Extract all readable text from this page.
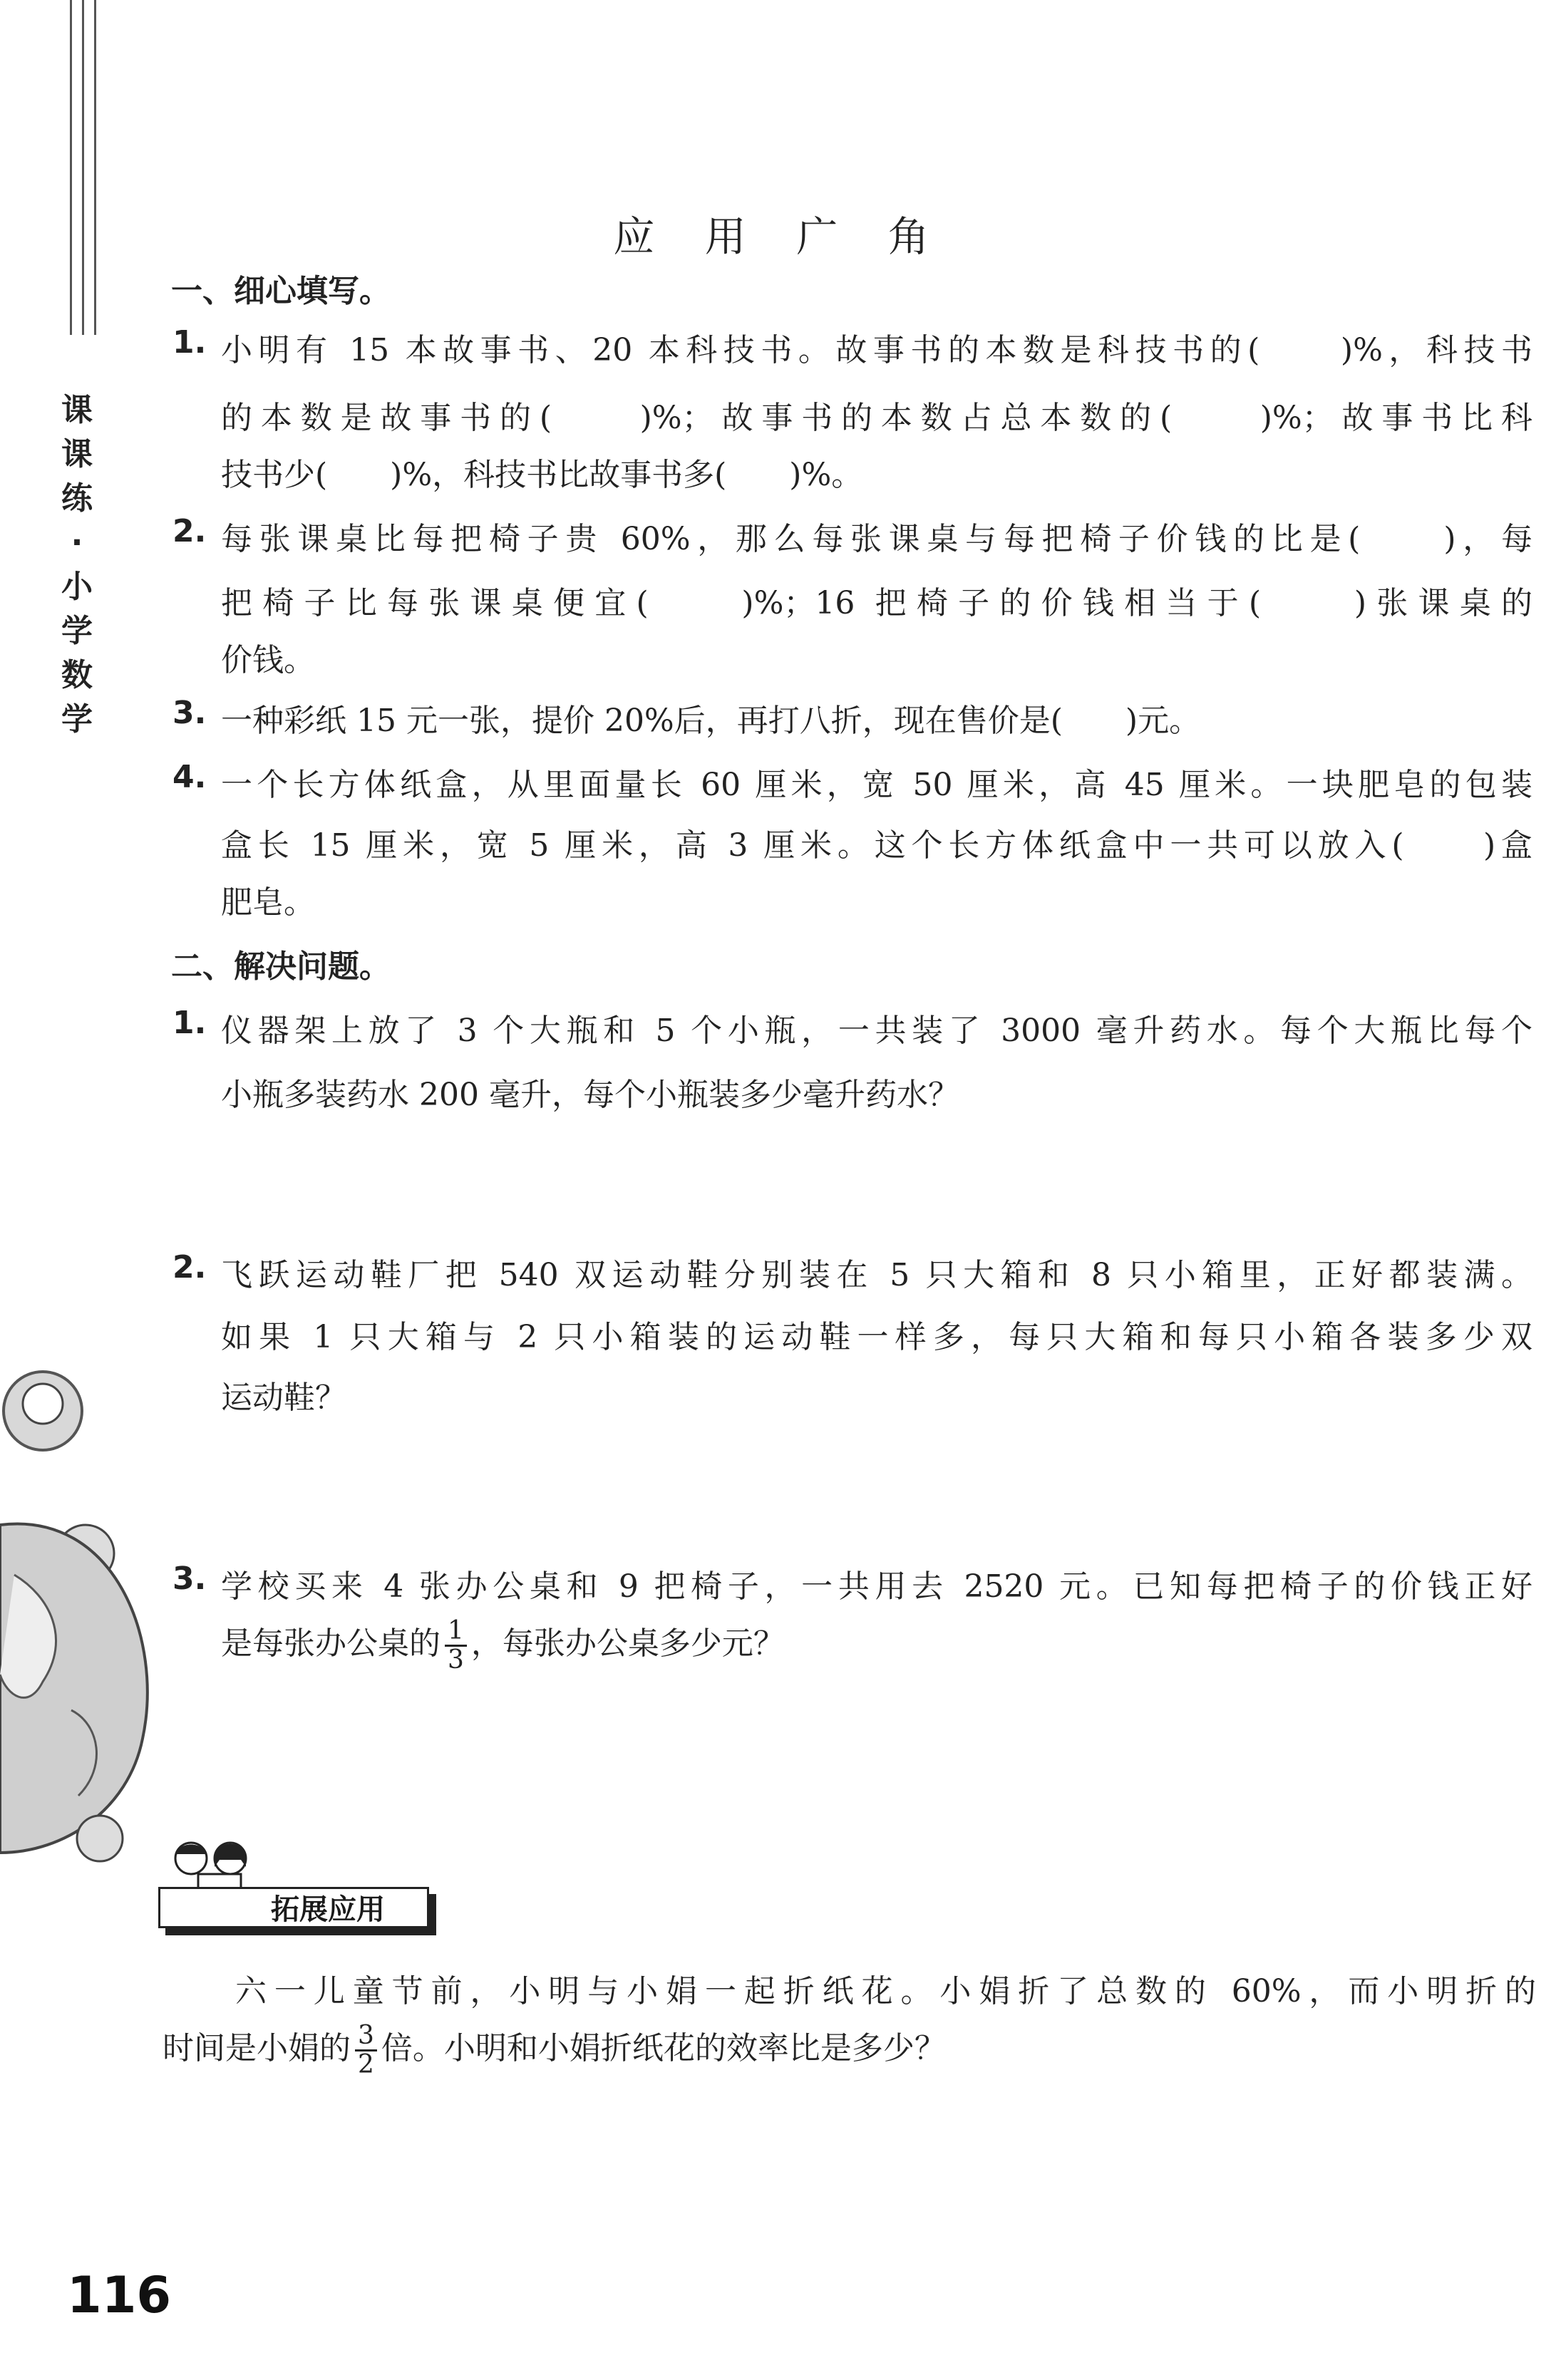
课课练·小学数学
应 用 广 角
一、细心填写。
1. 小明有 15 本故事书、20 本科技书。故事书的本数是科技书的(　　)%，科技书
的本数是故事书的(　　)%；故事书的本数占总本数的(　　)%；故事书比科
技书少(　　)%，科技书比故事书多(　　)%。
2. 每张课桌比每把椅子贵 60%，那么每张课桌与每把椅子价钱的比是(　　)，每
把椅子比每张课桌便宜(　　)%；16 把椅子的价钱相当于(　　)张课桌的
价钱。
3. 一种彩纸 15 元一张，提价 20%后，再打八折，现在售价是(　　)元。
4. 一个长方体纸盒，从里面量长 60 厘米，宽 50 厘米，高 45 厘米。一块肥皂的包装
盒长 15 厘米，宽 5 厘米，高 3 厘米。这个长方体纸盒中一共可以放入(　　)盒
肥皂。
二、解决问题。
1. 仪器架上放了 3 个大瓶和 5 个小瓶，一共装了 3000 毫升药水。每个大瓶比每个
小瓶多装药水 200 毫升，每个小瓶装多少毫升药水？
2. 飞跃运动鞋厂把 540 双运动鞋分别装在 5 只大箱和 8 只小箱里，正好都装满。
如果 1 只大箱与 2 只小箱装的运动鞋一样多，每只大箱和每只小箱各装多少双
运动鞋？
3. 学校买来 4 张办公桌和 9 把椅子，一共用去 2520 元。已知每把椅子的价钱正好
是每张办公桌的 $\frac{1}{3}$ ，每张办公桌多少元？
拓展应用
六一儿童节前，小明与小娟一起折纸花。小娟折了总数的 60%，而小明折的
时间是小娟的 $\frac{3}{2}$ 倍。小明和小娟折纸花的效率比是多少？
116
